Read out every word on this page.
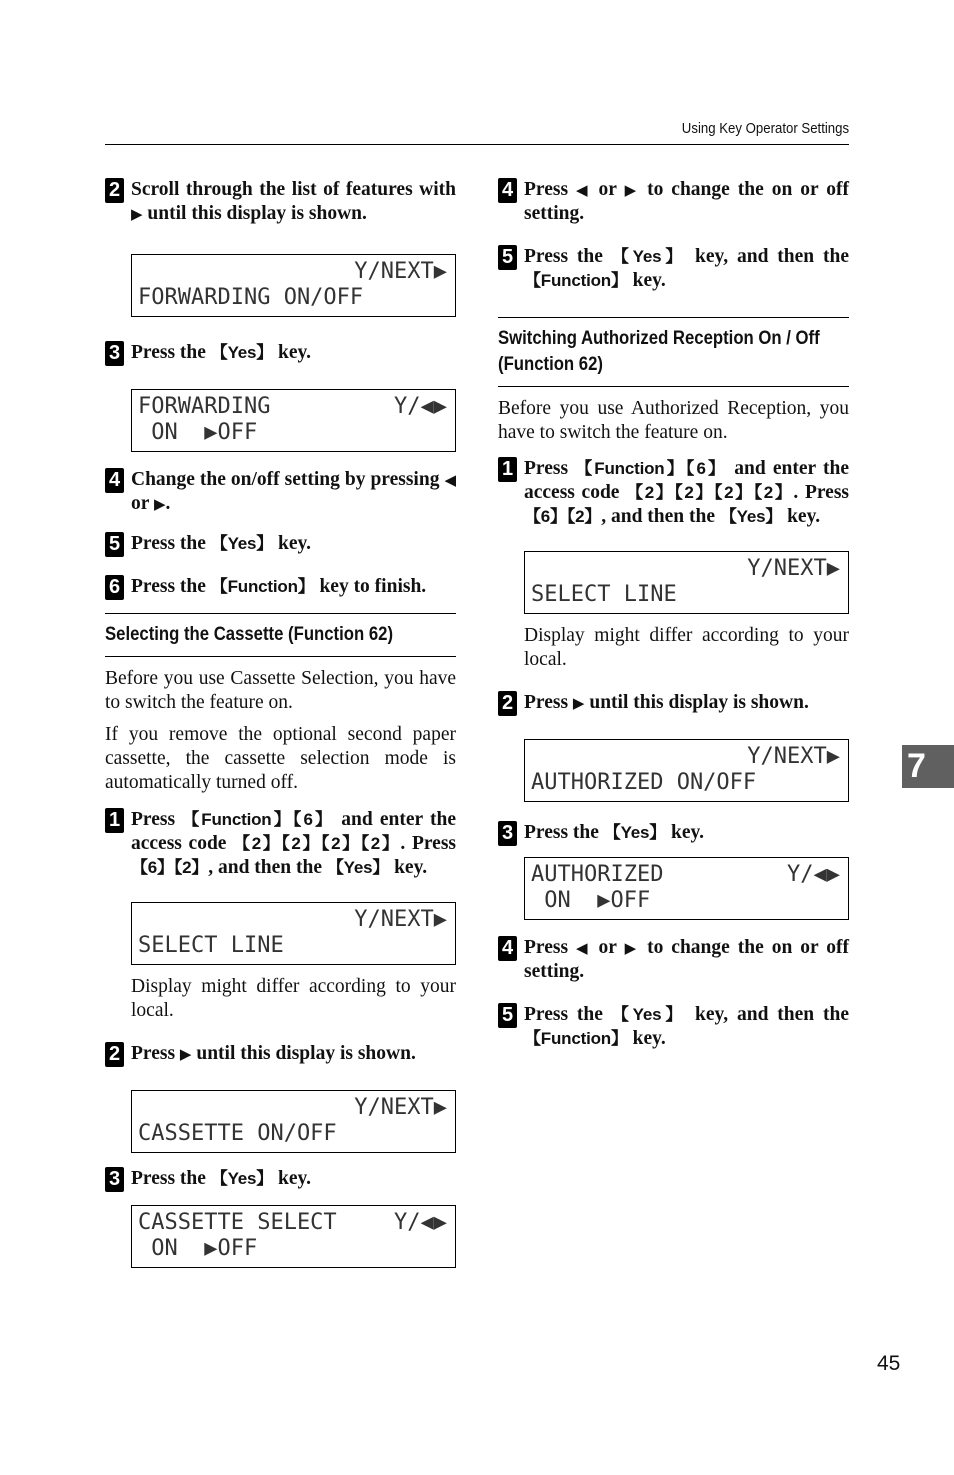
Using Key Operator Settings
2 Scroll through the list of features with ▶ until this display is shown.
Y/NEXT▶
FORWARDING ON/OFF
3 Press the 【Yes】 key.
FORWARDING	Y/◀▶
ON  ▶OFF
4 Change the on/off setting by pressing ◀ or ▶.
5 Press the 【Yes】 key.
6 Press the 【Function】 key to finish.
Selecting the Cassette (Function 62)
Before you use Cassette Selection, you have to switch the feature on.
If you remove the optional second paper cassette, the cassette selection mode is automatically turned off.
1 Press 【Function】【6】 and enter the access code 【2】【2】【2】【2】. Press 【6】【2】, and then the 【Yes】 key.
Y/NEXT▶
SELECT LINE
Display might differ according to your local.
2 Press ▶ until this display is shown.
Y/NEXT▶
CASSETTE ON/OFF
3 Press the 【Yes】 key.
CASSETTE SELECT	Y/◀▶
ON  ▶OFF
4 Press ◀ or ▶ to change the on or off setting.
5 Press the 【Yes】 key, and then the 【Function】 key.
Switching Authorized Reception On / Off (Function 62)
Before you use Authorized Reception, you have to switch the feature on.
1 Press 【Function】【6】 and enter the access code 【2】【2】【2】【2】. Press 【6】【2】, and then the 【Yes】 key.
Y/NEXT▶
SELECT LINE
Display might differ according to your local.
2 Press ▶ until this display is shown.
Y/NEXT▶
AUTHORIZED ON/OFF
3 Press the 【Yes】 key.
AUTHORIZED	Y/◀▶
ON  ▶OFF
4 Press ◀ or ▶ to change the on or off setting.
5 Press the 【Yes】 key, and then the 【Function】 key.
7
45
